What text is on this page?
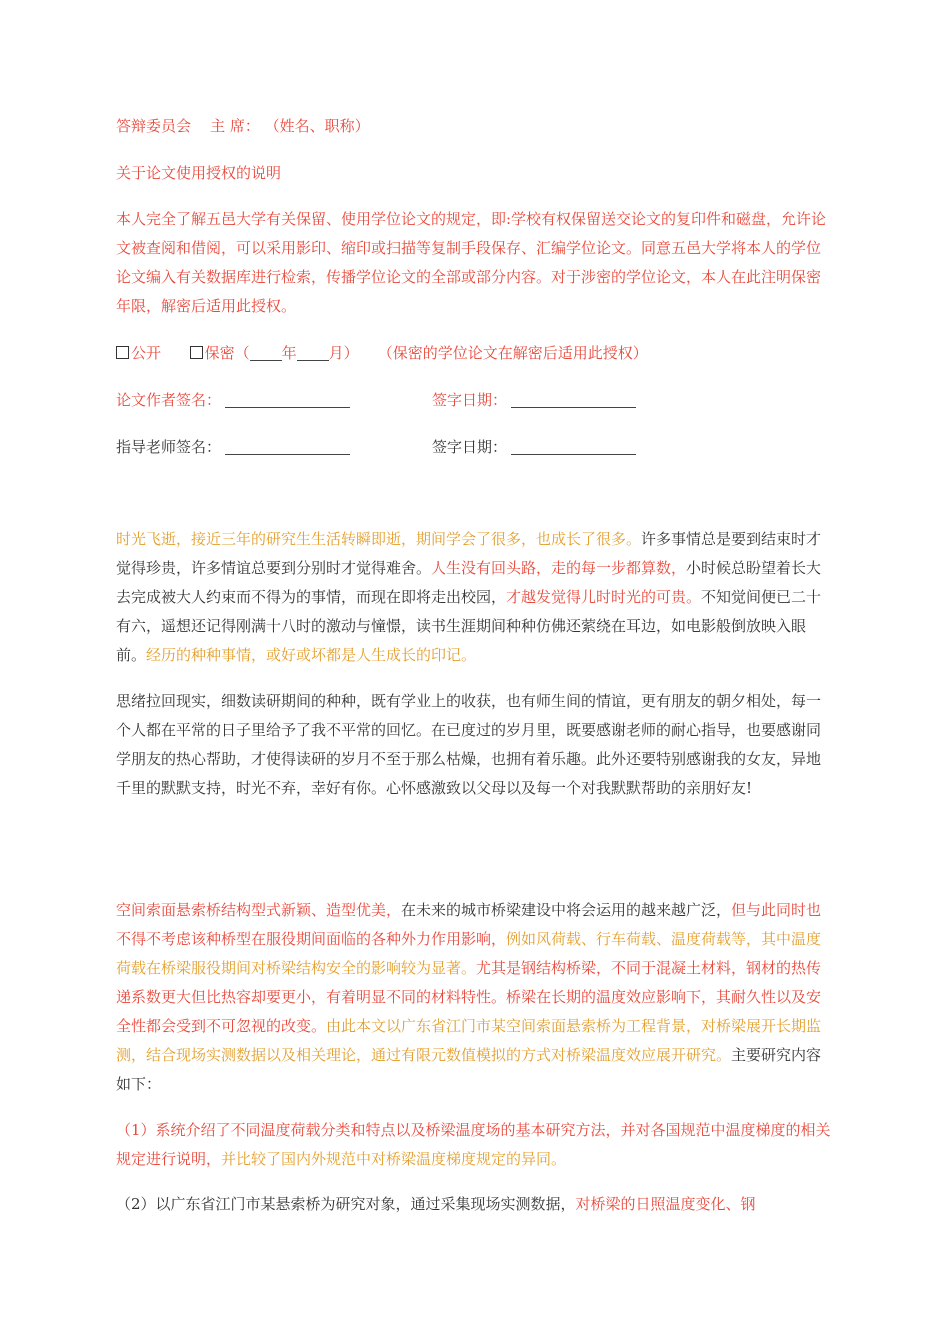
答辩委员会 主 席： （姓名、职称）
关于论文使用授权的说明
本人完全了解五邑大学有关保留、使用学位论文的规定，即:学校有权保留送交论文的复印件和磁盘，允许论文被查阅和借阅，可以采用影印、缩印或扫描等复制手段保存、汇编学位论文。同意五邑大学将本人的学位论文编入有关数据库进行检索，传播学位论文的全部或部分内容。对于涉密的学位论文，本人在此注明保密年限，解密后适用此授权。
公开	保密（ 年 月） （保密的学位论文在解密后适用此授权）
论文作者签名：	签字日期：
指导老师签名：	签字日期：
时光飞逝，接近三年的研究生生活转瞬即逝，期间学会了很多，也成长了很多。许多事情总是要到结束时才觉得珍贵，许多情谊总要到分别时才觉得难舍。人生没有回头路，走的每一步都算数，小时候总盼望着长大去完成被大人约束而不得为的事情，而现在即将走出校园，才越发觉得儿时时光的可贵。不知觉间便已二十有六，遥想还记得刚满十八时的激动与憧憬，读书生涯期间种种仿佛还萦绕在耳边，如电影般倒放映入眼前。经历的种种事情，或好或坏都是人生成长的印记。
思绪拉回现实，细数读研期间的种种，既有学业上的收获，也有师生间的情谊，更有朋友的朝夕相处，每一个人都在平常的日子里给予了我不平常的回忆。在已度过的岁月里，既要感谢老师的耐心指导，也要感谢同学朋友的热心帮助，才使得读研的岁月不至于那么枯燥，也拥有着乐趣。此外还要特别感谢我的女友，异地千里的默默支持，时光不弃，幸好有你。心怀感激致以父母以及每一个对我默默帮助的亲朋好友!
空间索面悬索桥结构型式新颖、造型优美，在未来的城市桥梁建设中将会运用的越来越广泛，但与此同时也不得不考虑该种桥型在服役期间面临的各种外力作用影响，例如风荷载、行车荷载、温度荷载等，其中温度荷载在桥梁服役期间对桥梁结构安全的影响较为显著。尤其是钢结构桥梁，不同于混凝土材料，钢材的热传递系数更大但比热容却要更小，有着明显不同的材料特性。桥梁在长期的温度效应影响下，其耐久性以及安全性都会受到不可忽视的改变。由此本文以广东省江门市某空间索面悬索桥为工程背景，对桥梁展开长期监测，结合现场实测数据以及相关理论，通过有限元数值模拟的方式对桥梁温度效应展开研究。主要研究内容如下：
（1）系统介绍了不同温度荷载分类和特点以及桥梁温度场的基本研究方法，并对各国规范中温度梯度的相关规定进行说明，并比较了国内外规范中对桥梁温度梯度规定的异同。
（2）以广东省江门市某悬索桥为研究对象，通过采集现场实测数据，对桥梁的日照温度变化、钢
